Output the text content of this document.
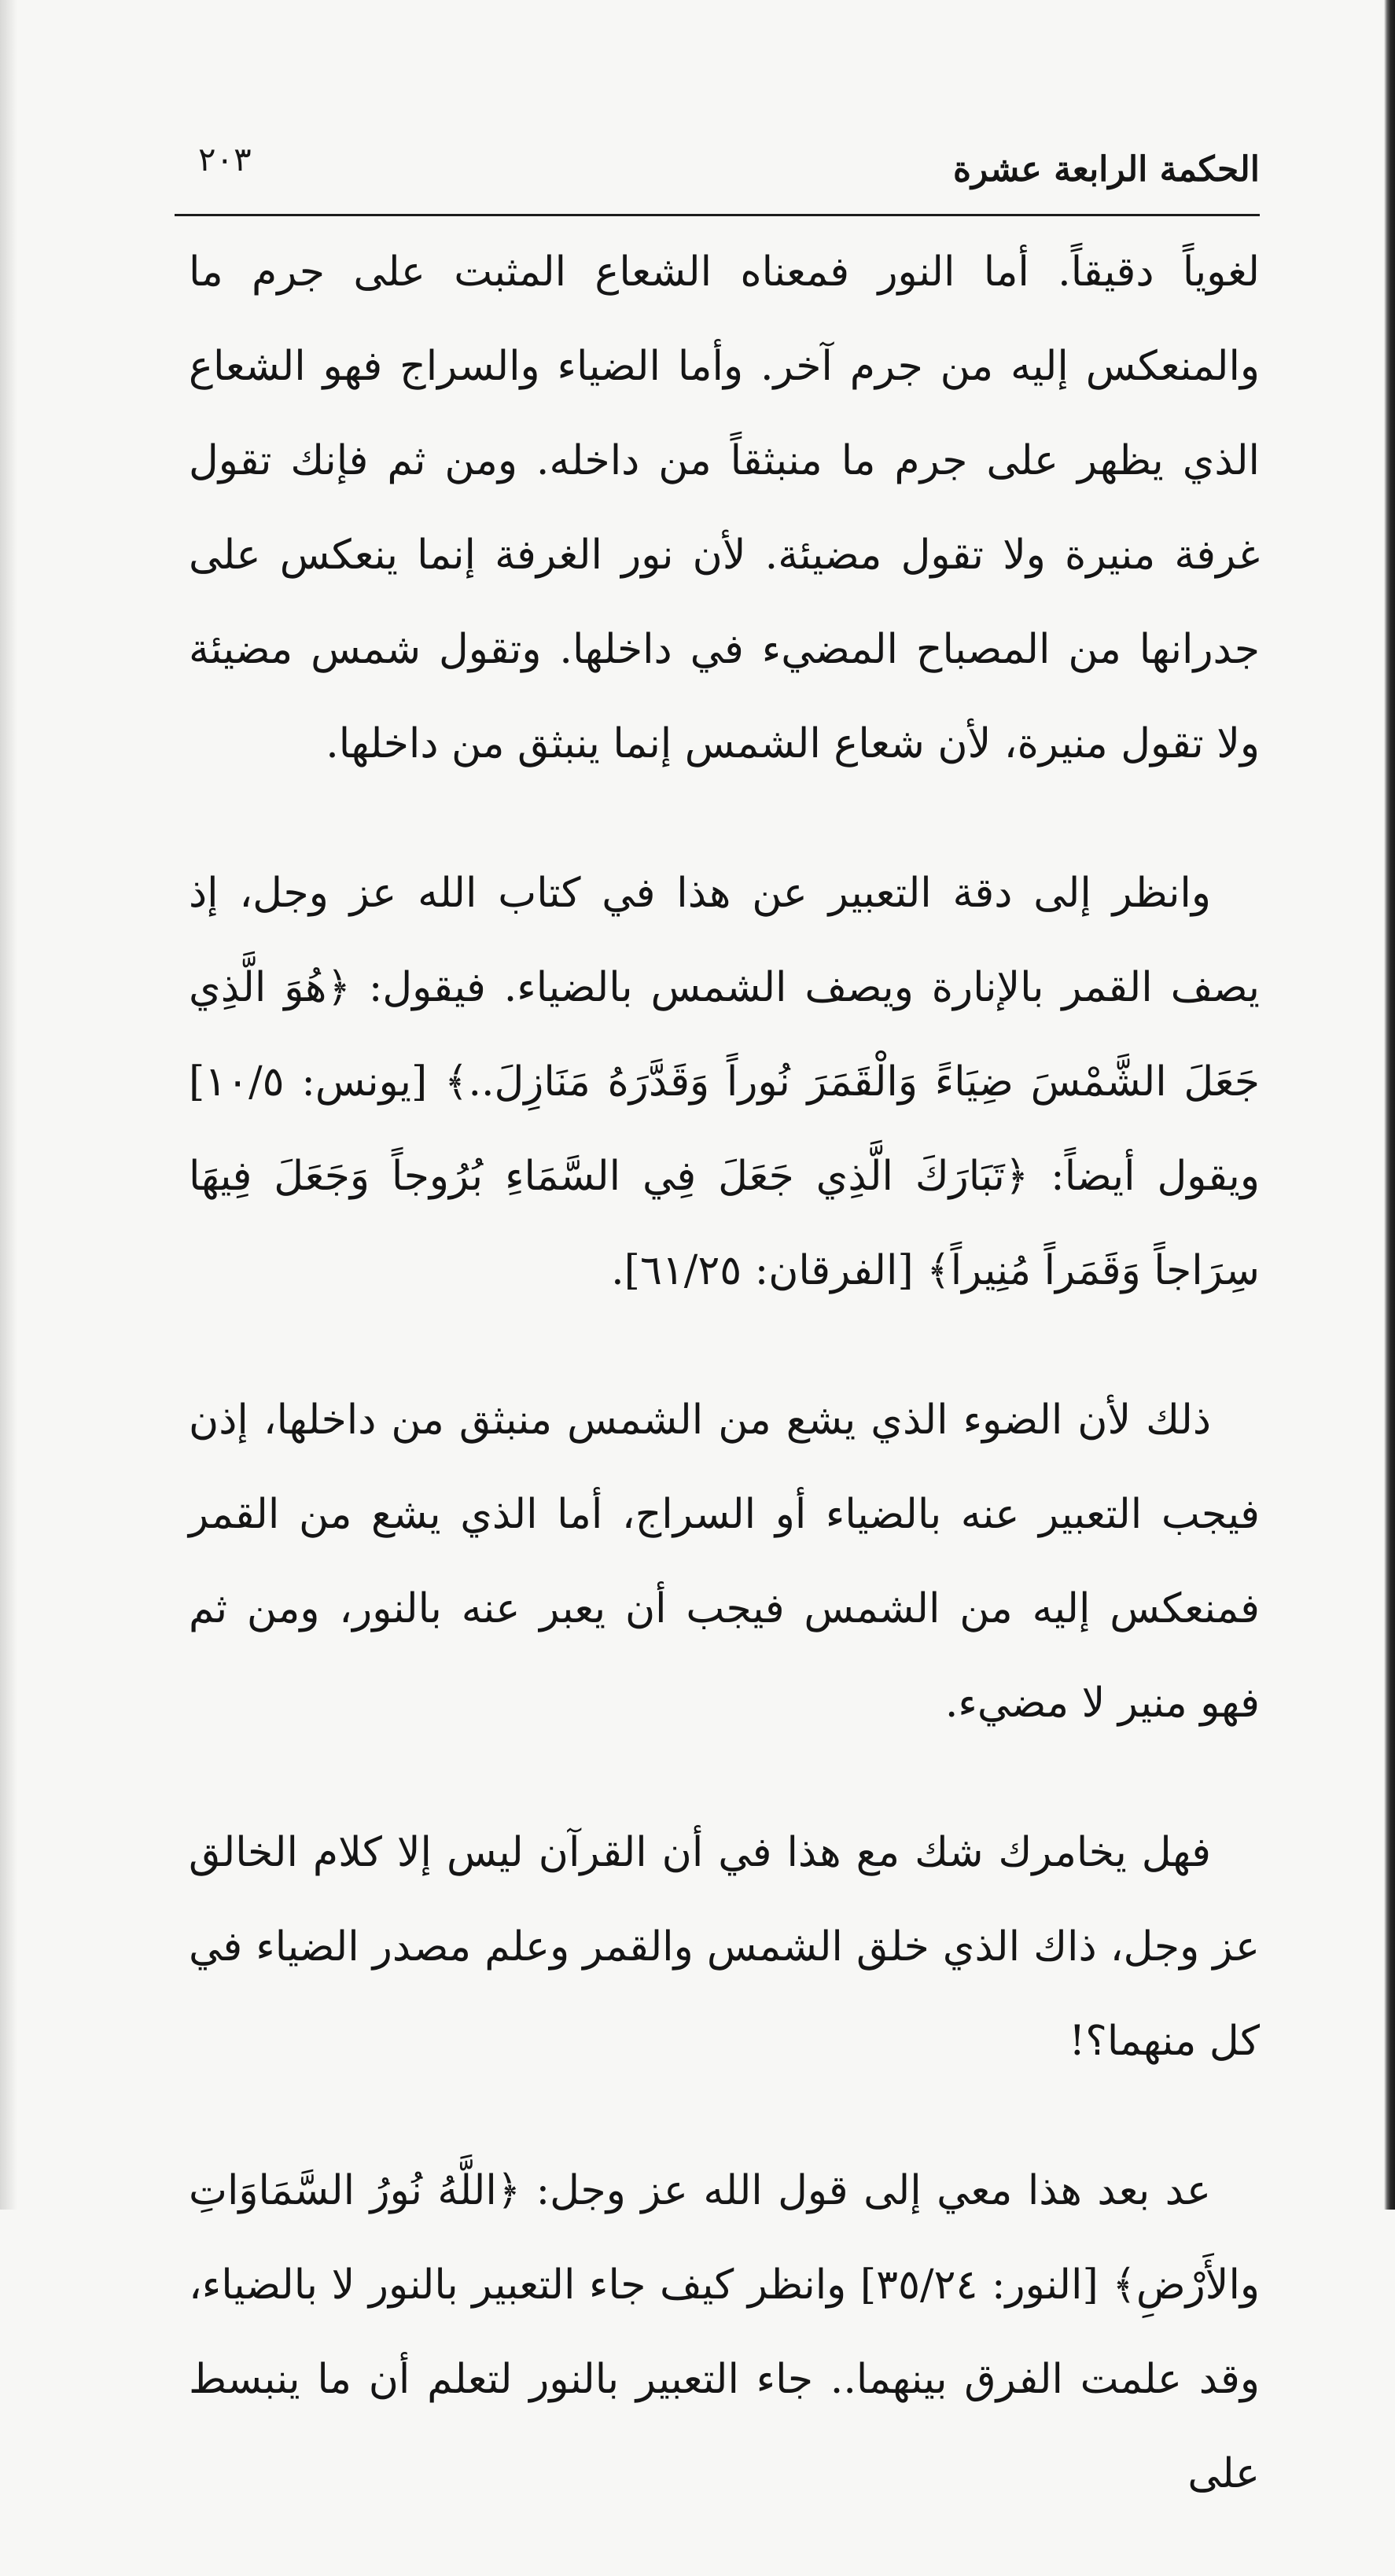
الحكمة الرابعة عشرة
٢٠٣

لغوياً دقيقاً. أما النور فمعناه الشعاع المثبت على جرم ما والمنعكس إليه من جرم آخر. وأما الضياء والسراج فهو الشعاع الذي يظهر على جرم ما منبثقاً من داخله. ومن ثم فإنك تقول غرفة منيرة ولا تقول مضيئة. لأن نور الغرفة إنما ينعكس على جدرانها من المصباح المضيء في داخلها. وتقول شمس مضيئة ولا تقول منيرة، لأن شعاع الشمس إنما ينبثق من داخلها.

وانظر إلى دقة التعبير عن هذا في كتاب الله عز وجل، إذ يصف القمر بالإنارة ويصف الشمس بالضياء. فيقول: ﴿هُوَ الَّذِي جَعَلَ الشَّمْسَ ضِيَاءً وَالْقَمَرَ نُوراً وَقَدَّرَهُ مَنَازِلَ..﴾ [يونس: ١٠/٥] ويقول أيضاً: ﴿تَبَارَكَ الَّذِي جَعَلَ فِي السَّمَاءِ بُرُوجاً وَجَعَلَ فِيهَا سِرَاجاً وَقَمَراً مُنِيراً﴾ [الفرقان: ٦١/٢٥].

ذلك لأن الضوء الذي يشع من الشمس منبثق من داخلها، إذن فيجب التعبير عنه بالضياء أو السراج، أما الذي يشع من القمر فمنعكس إليه من الشمس فيجب أن يعبر عنه بالنور، ومن ثم فهو منير لا مضيء.

فهل يخامرك شك مع هذا في أن القرآن ليس إلا كلام الخالق عز وجل، ذاك الذي خلق الشمس والقمر وعلم مصدر الضياء في كل منهما؟!

عد بعد هذا معي إلى قول الله عز وجل: ﴿اللَّهُ نُورُ السَّمَاوَاتِ والأَرْضِ﴾ [النور: ٣٥/٢٤] وانظر كيف جاء التعبير بالنور لا بالضياء، وقد علمت الفرق بينهما.. جاء التعبير بالنور لتعلم أن ما ينبسط على
